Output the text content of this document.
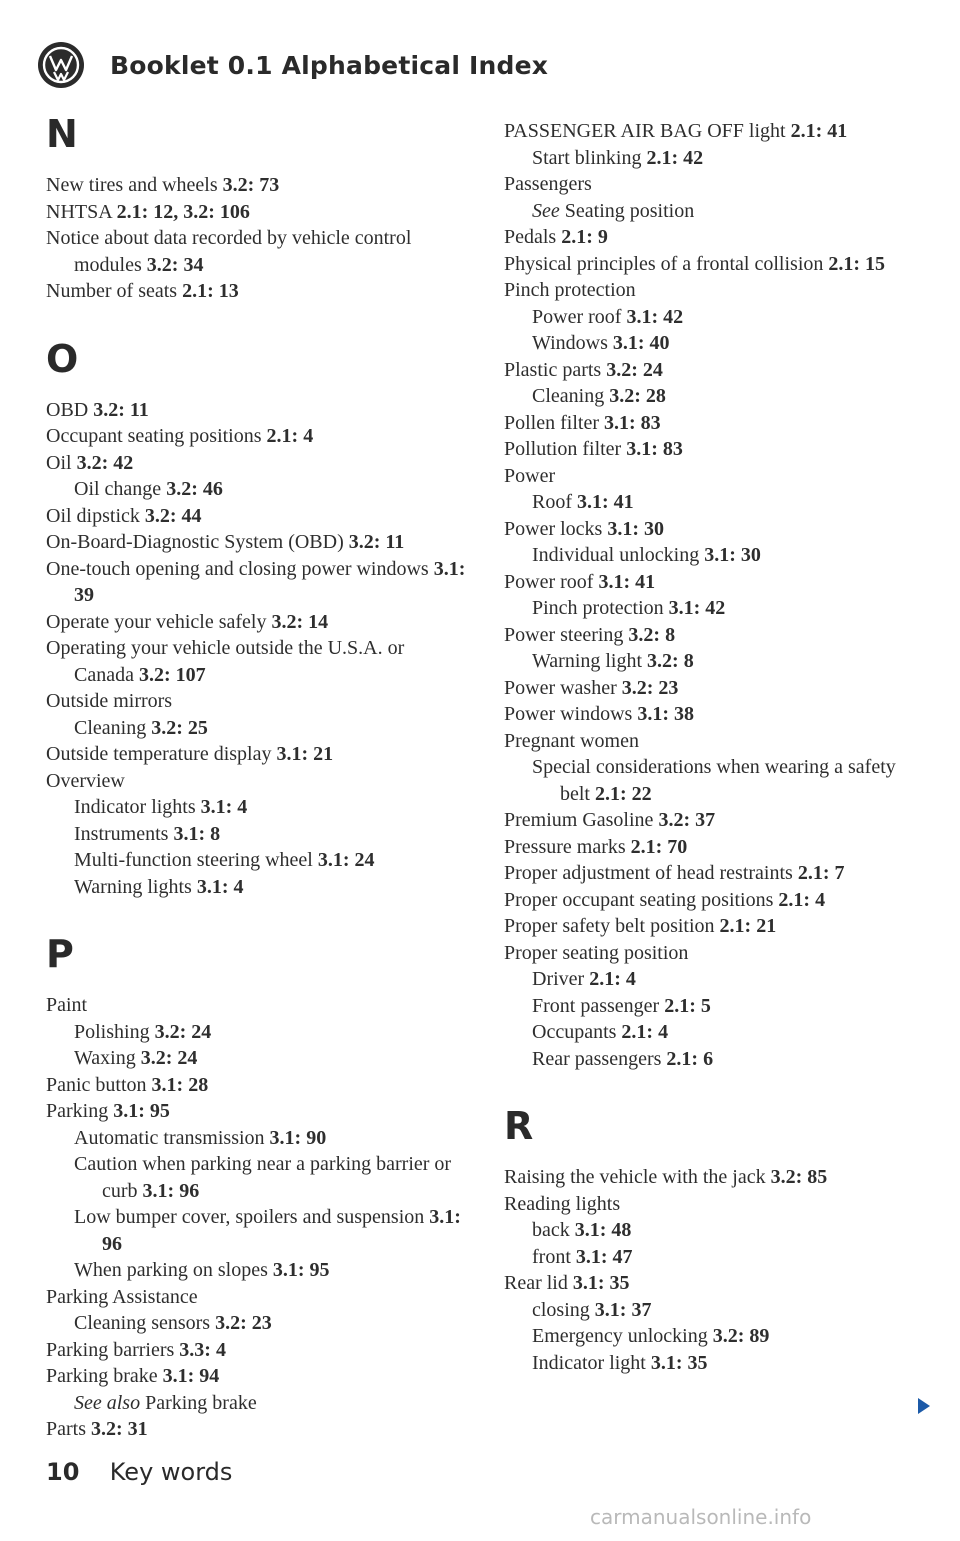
Booklet 0.1 Alphabetical Index
N
New tires and wheels 3.2: 73
NHTSA 2.1: 12, 3.2: 106
Notice about data recorded by vehicle control modules 3.2: 34
Number of seats 2.1: 13
O
OBD 3.2: 11
Occupant seating positions 2.1: 4
Oil 3.2: 42
Oil change 3.2: 46
Oil dipstick 3.2: 44
On-Board-Diagnostic System (OBD) 3.2: 11
One-touch opening and closing power windows 3.1: 39
Operate your vehicle safely 3.2: 14
Operating your vehicle outside the U.S.A. or Canada 3.2: 107
Outside mirrors
Cleaning 3.2: 25
Outside temperature display 3.1: 21
Overview
Indicator lights 3.1: 4
Instruments 3.1: 8
Multi-function steering wheel 3.1: 24
Warning lights 3.1: 4
P
Paint
Polishing 3.2: 24
Waxing 3.2: 24
Panic button 3.1: 28
Parking 3.1: 95
Automatic transmission 3.1: 90
Caution when parking near a parking barrier or curb 3.1: 96
Low bumper cover, spoilers and suspension 3.1: 96
When parking on slopes 3.1: 95
Parking Assistance
Cleaning sensors 3.2: 23
Parking barriers 3.3: 4
Parking brake 3.1: 94
See also Parking brake
Parts 3.2: 31
PASSENGER AIR BAG OFF light 2.1: 41
Start blinking 2.1: 42
Passengers
See Seating position
Pedals 2.1: 9
Physical principles of a frontal collision 2.1: 15
Pinch protection
Power roof 3.1: 42
Windows 3.1: 40
Plastic parts 3.2: 24
Cleaning 3.2: 28
Pollen filter 3.1: 83
Pollution filter 3.1: 83
Power
Roof 3.1: 41
Power locks 3.1: 30
Individual unlocking 3.1: 30
Power roof 3.1: 41
Pinch protection 3.1: 42
Power steering 3.2: 8
Warning light 3.2: 8
Power washer 3.2: 23
Power windows 3.1: 38
Pregnant women
Special considerations when wearing a safety belt 2.1: 22
Premium Gasoline 3.2: 37
Pressure marks 2.1: 70
Proper adjustment of head restraints 2.1: 7
Proper occupant seating positions 2.1: 4
Proper safety belt position 2.1: 21
Proper seating position
Driver 2.1: 4
Front passenger 2.1: 5
Occupants 2.1: 4
Rear passengers 2.1: 6
R
Raising the vehicle with the jack 3.2: 85
Reading lights
back 3.1: 48
front 3.1: 47
Rear lid 3.1: 35
closing 3.1: 37
Emergency unlocking 3.2: 89
Indicator light 3.1: 35
10 Key words
carmanualsonline.info
